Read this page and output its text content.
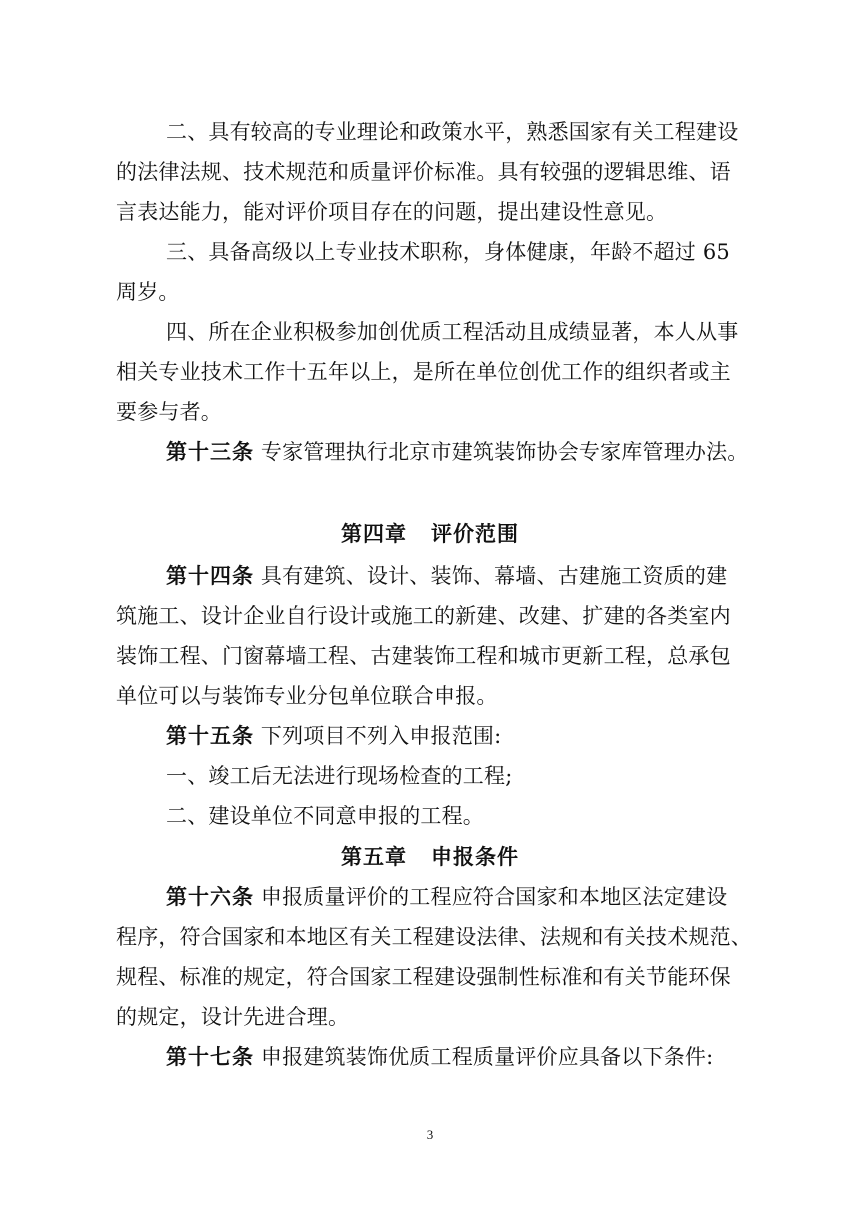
二、具有较高的专业理论和政策水平，熟悉国家有关工程建设
的法律法规、技术规范和质量评价标准。具有较强的逻辑思维、语
言表达能力，能对评价项目存在的问题，提出建设性意见。
三、具备高级以上专业技术职称，身体健康，年龄不超过 65
周岁。
四、所在企业积极参加创优质工程活动且成绩显著，本人从事
相关专业技术工作十五年以上，是所在单位创优工作的组织者或主
要参与者。
第十三条 专家管理执行北京市建筑装饰协会专家库管理办法。
第四章 评价范围
第十四条 具有建筑、设计、装饰、幕墙、古建施工资质的建
筑施工、设计企业自行设计或施工的新建、改建、扩建的各类室内
装饰工程、门窗幕墙工程、古建装饰工程和城市更新工程，总承包
单位可以与装饰专业分包单位联合申报。
第十五条 下列项目不列入申报范围:
一、竣工后无法进行现场检查的工程;
二、建设单位不同意申报的工程。
第五章 申报条件
第十六条 申报质量评价的工程应符合国家和本地区法定建设
程序，符合国家和本地区有关工程建设法律、法规和有关技术规范、
规程、标准的规定，符合国家工程建设强制性标准和有关节能环保
的规定，设计先进合理。
第十七条 申报建筑装饰优质工程质量评价应具备以下条件:
3
